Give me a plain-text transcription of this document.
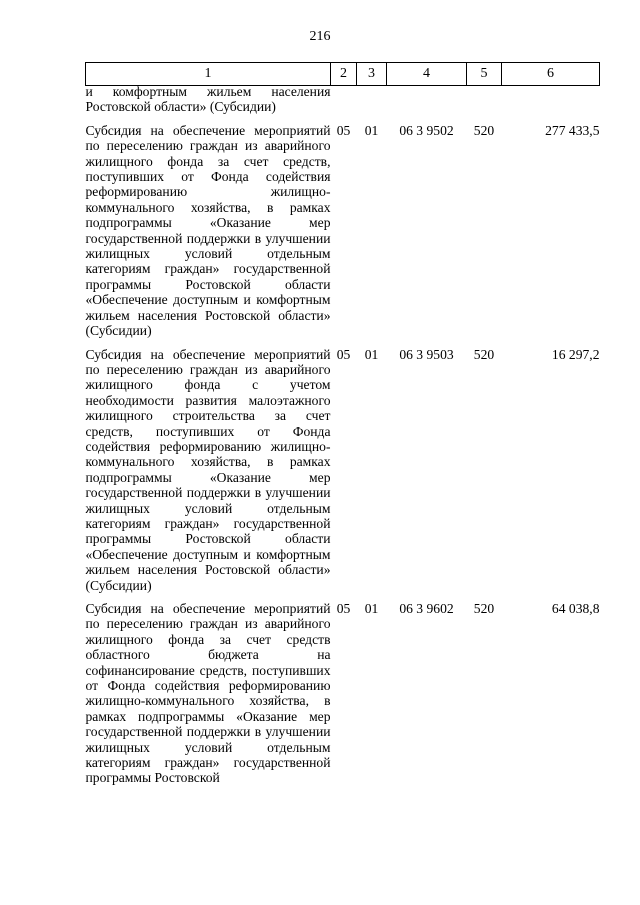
216
1	2	3	4	5	6

и комфортным жильем населения Ростовской области» (Субсидии)					

Субсидия на обеспечение мероприятий по переселению граждан из аварийного жилищного фонда за счет средств, поступивших от Фонда содействия реформированию жилищно-коммунального хозяйства, в рамках подпрограммы «Оказание мер государственной поддержки в улучшении жилищных условий отдельным категориям граждан» государственной программы Ростовской области «Обеспечение доступным и комфортным жильем населения Ростовской области» (Субсидии)	05	01	06 3 9502	520	277 433,5

Субсидия на обеспечение мероприятий по переселению граждан из аварийного жилищного фонда с учетом необходимости развития малоэтажного жилищного строительства за счет средств, поступивших от Фонда содействия реформированию жилищно-коммунального хозяйства, в рамках подпрограммы «Оказание мер государственной поддержки в улучшении жилищных условий отдельным категориям граждан» государственной программы Ростовской области «Обеспечение доступным и комфортным жильем населения Ростовской области» (Субсидии)	05	01	06 3 9503	520	16 297,2

Субсидия на обеспечение мероприятий по переселению граждан из аварийного жилищного фонда за счет средств областного бюджета на софинансирование средств, поступивших от Фонда содействия реформированию жилищно-коммунального хозяйства, в рамках подпрограммы «Оказание мер государственной поддержки в улучшении жилищных условий отдельным категориям граждан» государственной программы Ростовской	05	01	06 3 9602	520	64 038,8
